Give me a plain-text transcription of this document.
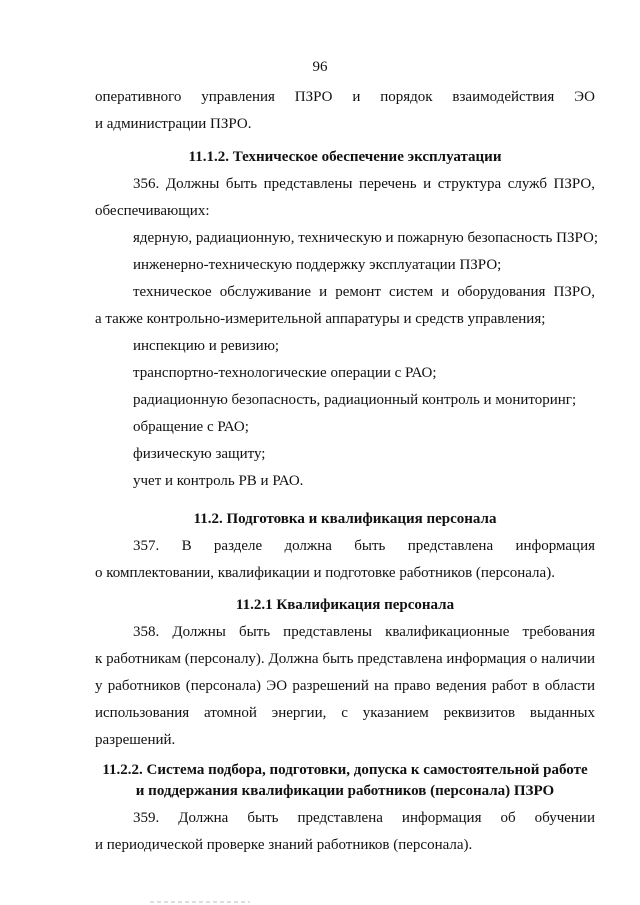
96
оперативного управления ПЗРО и порядок взаимодействия ЭО
и администрации ПЗРО.
11.1.2. Техническое обеспечение эксплуатации
356. Должны быть представлены перечень и структура служб ПЗРО,
обеспечивающих:
ядерную, радиационную, техническую и пожарную безопасность ПЗРО;
инженерно-техническую поддержку эксплуатации ПЗРО;
техническое обслуживание и ремонт систем и оборудования ПЗРО,
а также контрольно-измерительной аппаратуры и средств управления;
инспекцию и ревизию;
транспортно-технологические операции с РАО;
радиационную безопасность, радиационный контроль и мониторинг;
обращение с РАО;
физическую защиту;
учет и контроль РВ и РАО.
11.2. Подготовка и квалификация персонала
357. В разделе должна быть представлена информация
о комплектовании, квалификации и подготовке работников (персонала).
11.2.1 Квалификация персонала
358. Должны быть представлены квалификационные требования
к работникам (персоналу). Должна быть представлена информация о наличии
у работников (персонала) ЭО разрешений на право ведения работ в области
использования атомной энергии, с указанием реквизитов выданных
разрешений.
11.2.2. Система подбора, подготовки, допуска к самостоятельной работе
и поддержания квалификации работников (персонала) ПЗРО
359. Должна быть представлена информация об обучении
и периодической проверке знаний работников (персонала).
